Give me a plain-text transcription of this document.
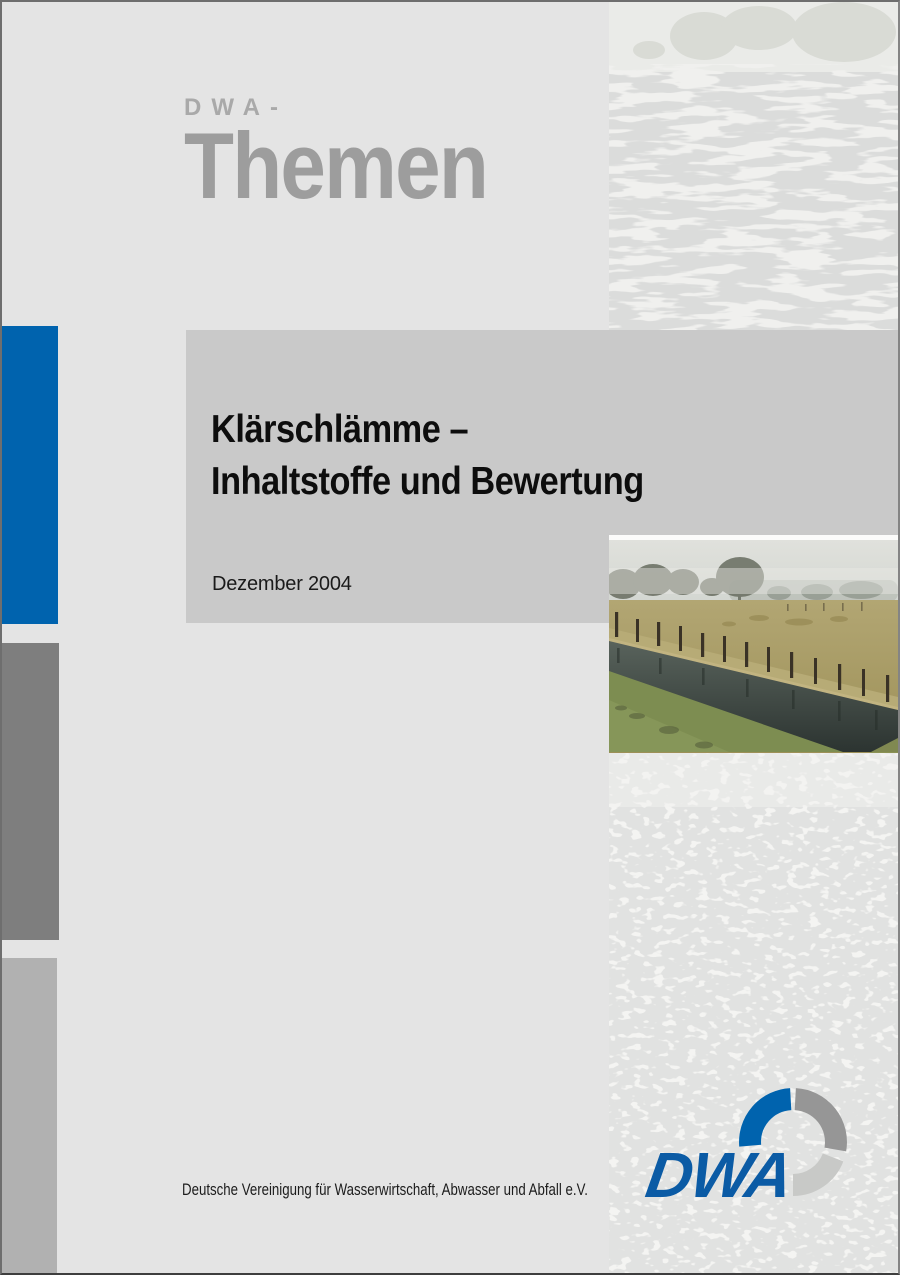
DWA-
Themen
Klärschlämme –
Inhaltstoffe und Bewertung
Dezember 2004
DWA
Deutsche Vereinigung für Wasserwirtschaft, Abwasser und Abfall e.V.
